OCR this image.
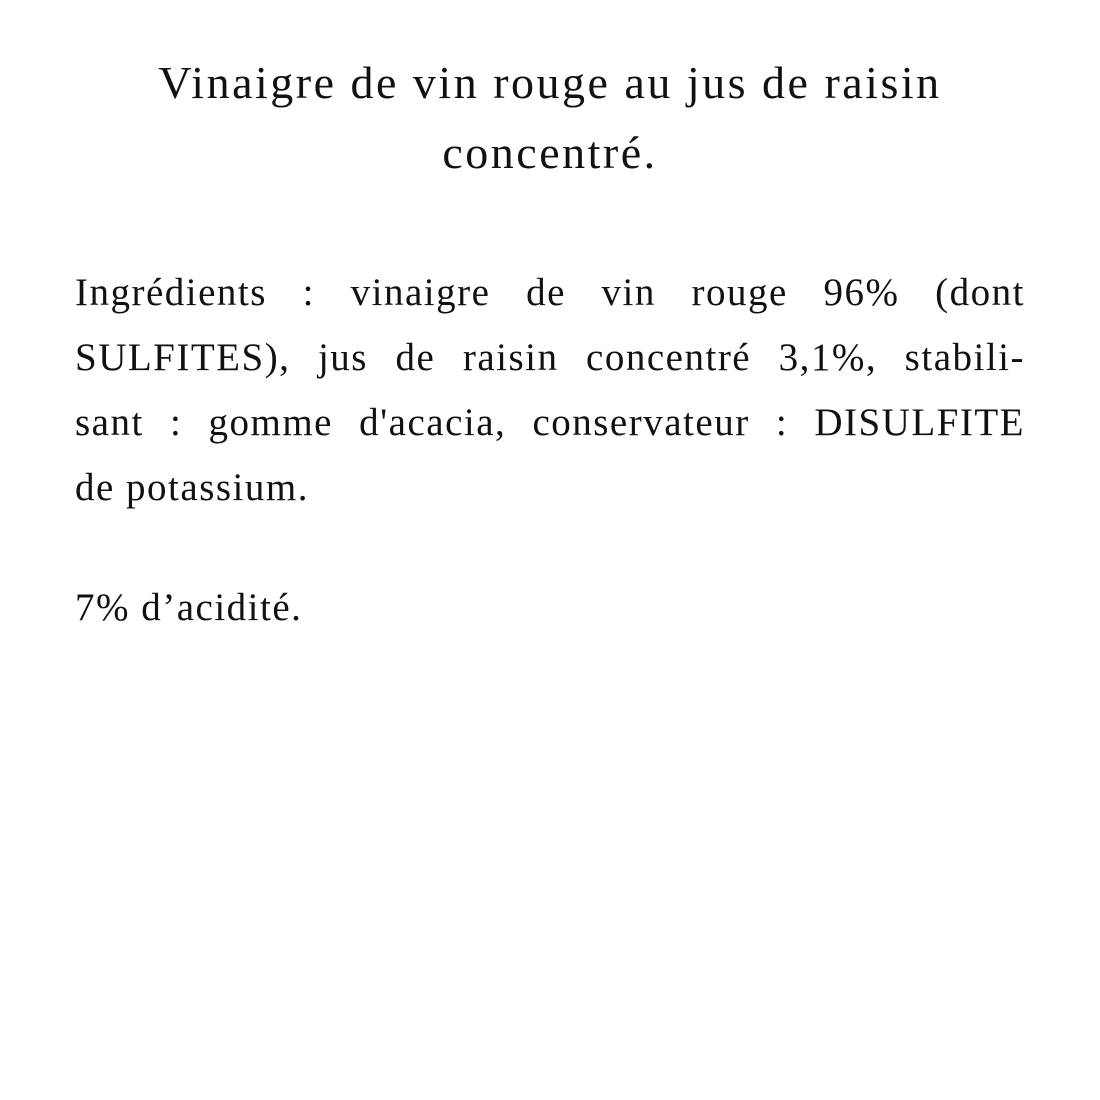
Vinaigre de vin rouge au jus de raisin concentré.
Ingrédients : vinaigre de vin rouge 96% (dont
SULFITES), jus de raisin concentré 3,1%, stabili-
sant : gomme d'acacia, conservateur : DISULFITE
de potassium.
7% d’acidité.
